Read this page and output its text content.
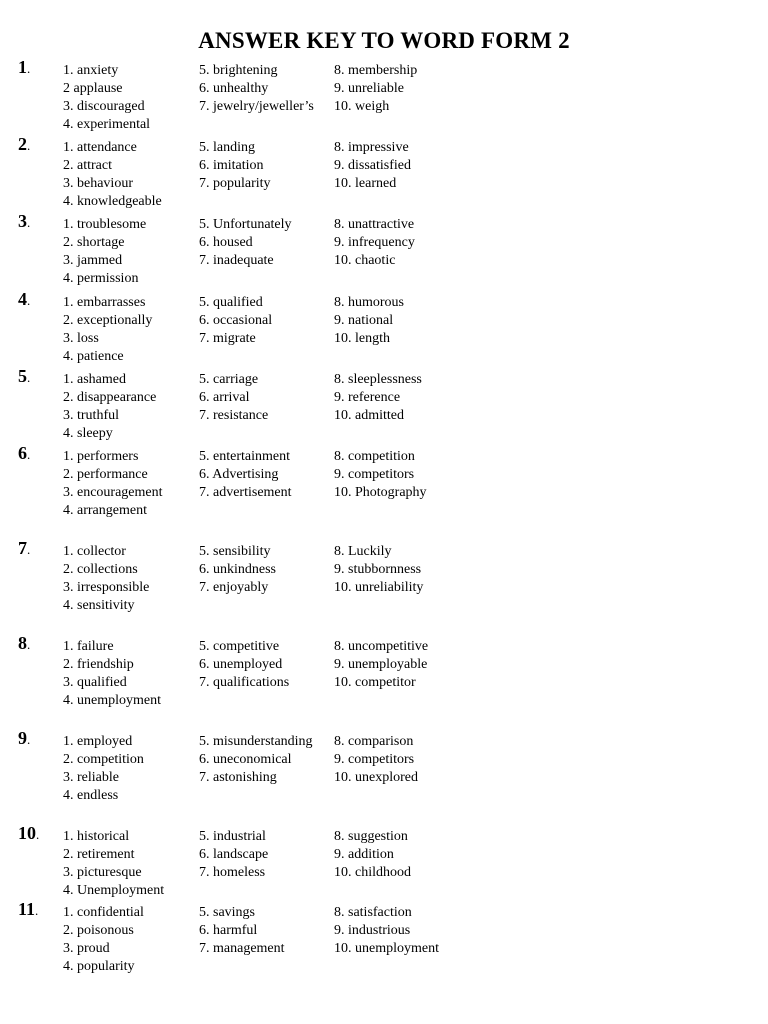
ANSWER KEY TO WORD FORM 2
1. 1. anxiety	5. brightening	8. membership
2 applause	6. unhealthy	9. unreliable
3. discouraged	7. jewelry/jeweller’s 10. weigh
4. experimental
2. 1. attendance	5. landing	8. impressive
2. attract	6. imitation	9. dissatisfied
3. behaviour	7. popularity	10. learned
4. knowledgeable
3. 1. troublesome	5. Unfortunately	8. unattractive
2. shortage	6. housed	9. infrequency
3. jammed	7. inadequate	10. chaotic
4. permission
4. 1. embarrasses	5. qualified	8. humorous
2. exceptionally	6. occasional	9. national
3. loss	7. migrate	10. length
4. patience
5. 1. ashamed	5. carriage	8. sleeplessness
2. disappearance	6. arrival	9. reference
3. truthful	7. resistance	10. admitted
4. sleepy
6. 1. performers	5. entertainment	8. competition
2. performance	6. Advertising	9. competitors
3. encouragement	7. advertisement	10. Photography
4. arrangement
7. 1. collector	5. sensibility	8. Luckily
2. collections	6. unkindness	9. stubbornness
3. irresponsible	7. enjoyably	10. unreliability
4. sensitivity
8. 1. failure	5. competitive	8. uncompetitive
2. friendship	6. unemployed	9. unemployable
3. qualified	7. qualifications	10. competitor
4. unemployment
9. 1. employed	5. misunderstanding 8. comparison
2. competition	6. uneconomical	9. competitors
3. reliable	7. astonishing	10. unexplored
4. endless
10. 1. historical	5. industrial	8. suggestion
2. retirement	6. landscape	9. addition
3. picturesque	7. homeless	10. childhood
4. Unemployment
11. 1. confidential	5. savings	8. satisfaction
2. poisonous	6. harmful	9. industrious
3. proud	7. management	10. unemployment
4. popularity
